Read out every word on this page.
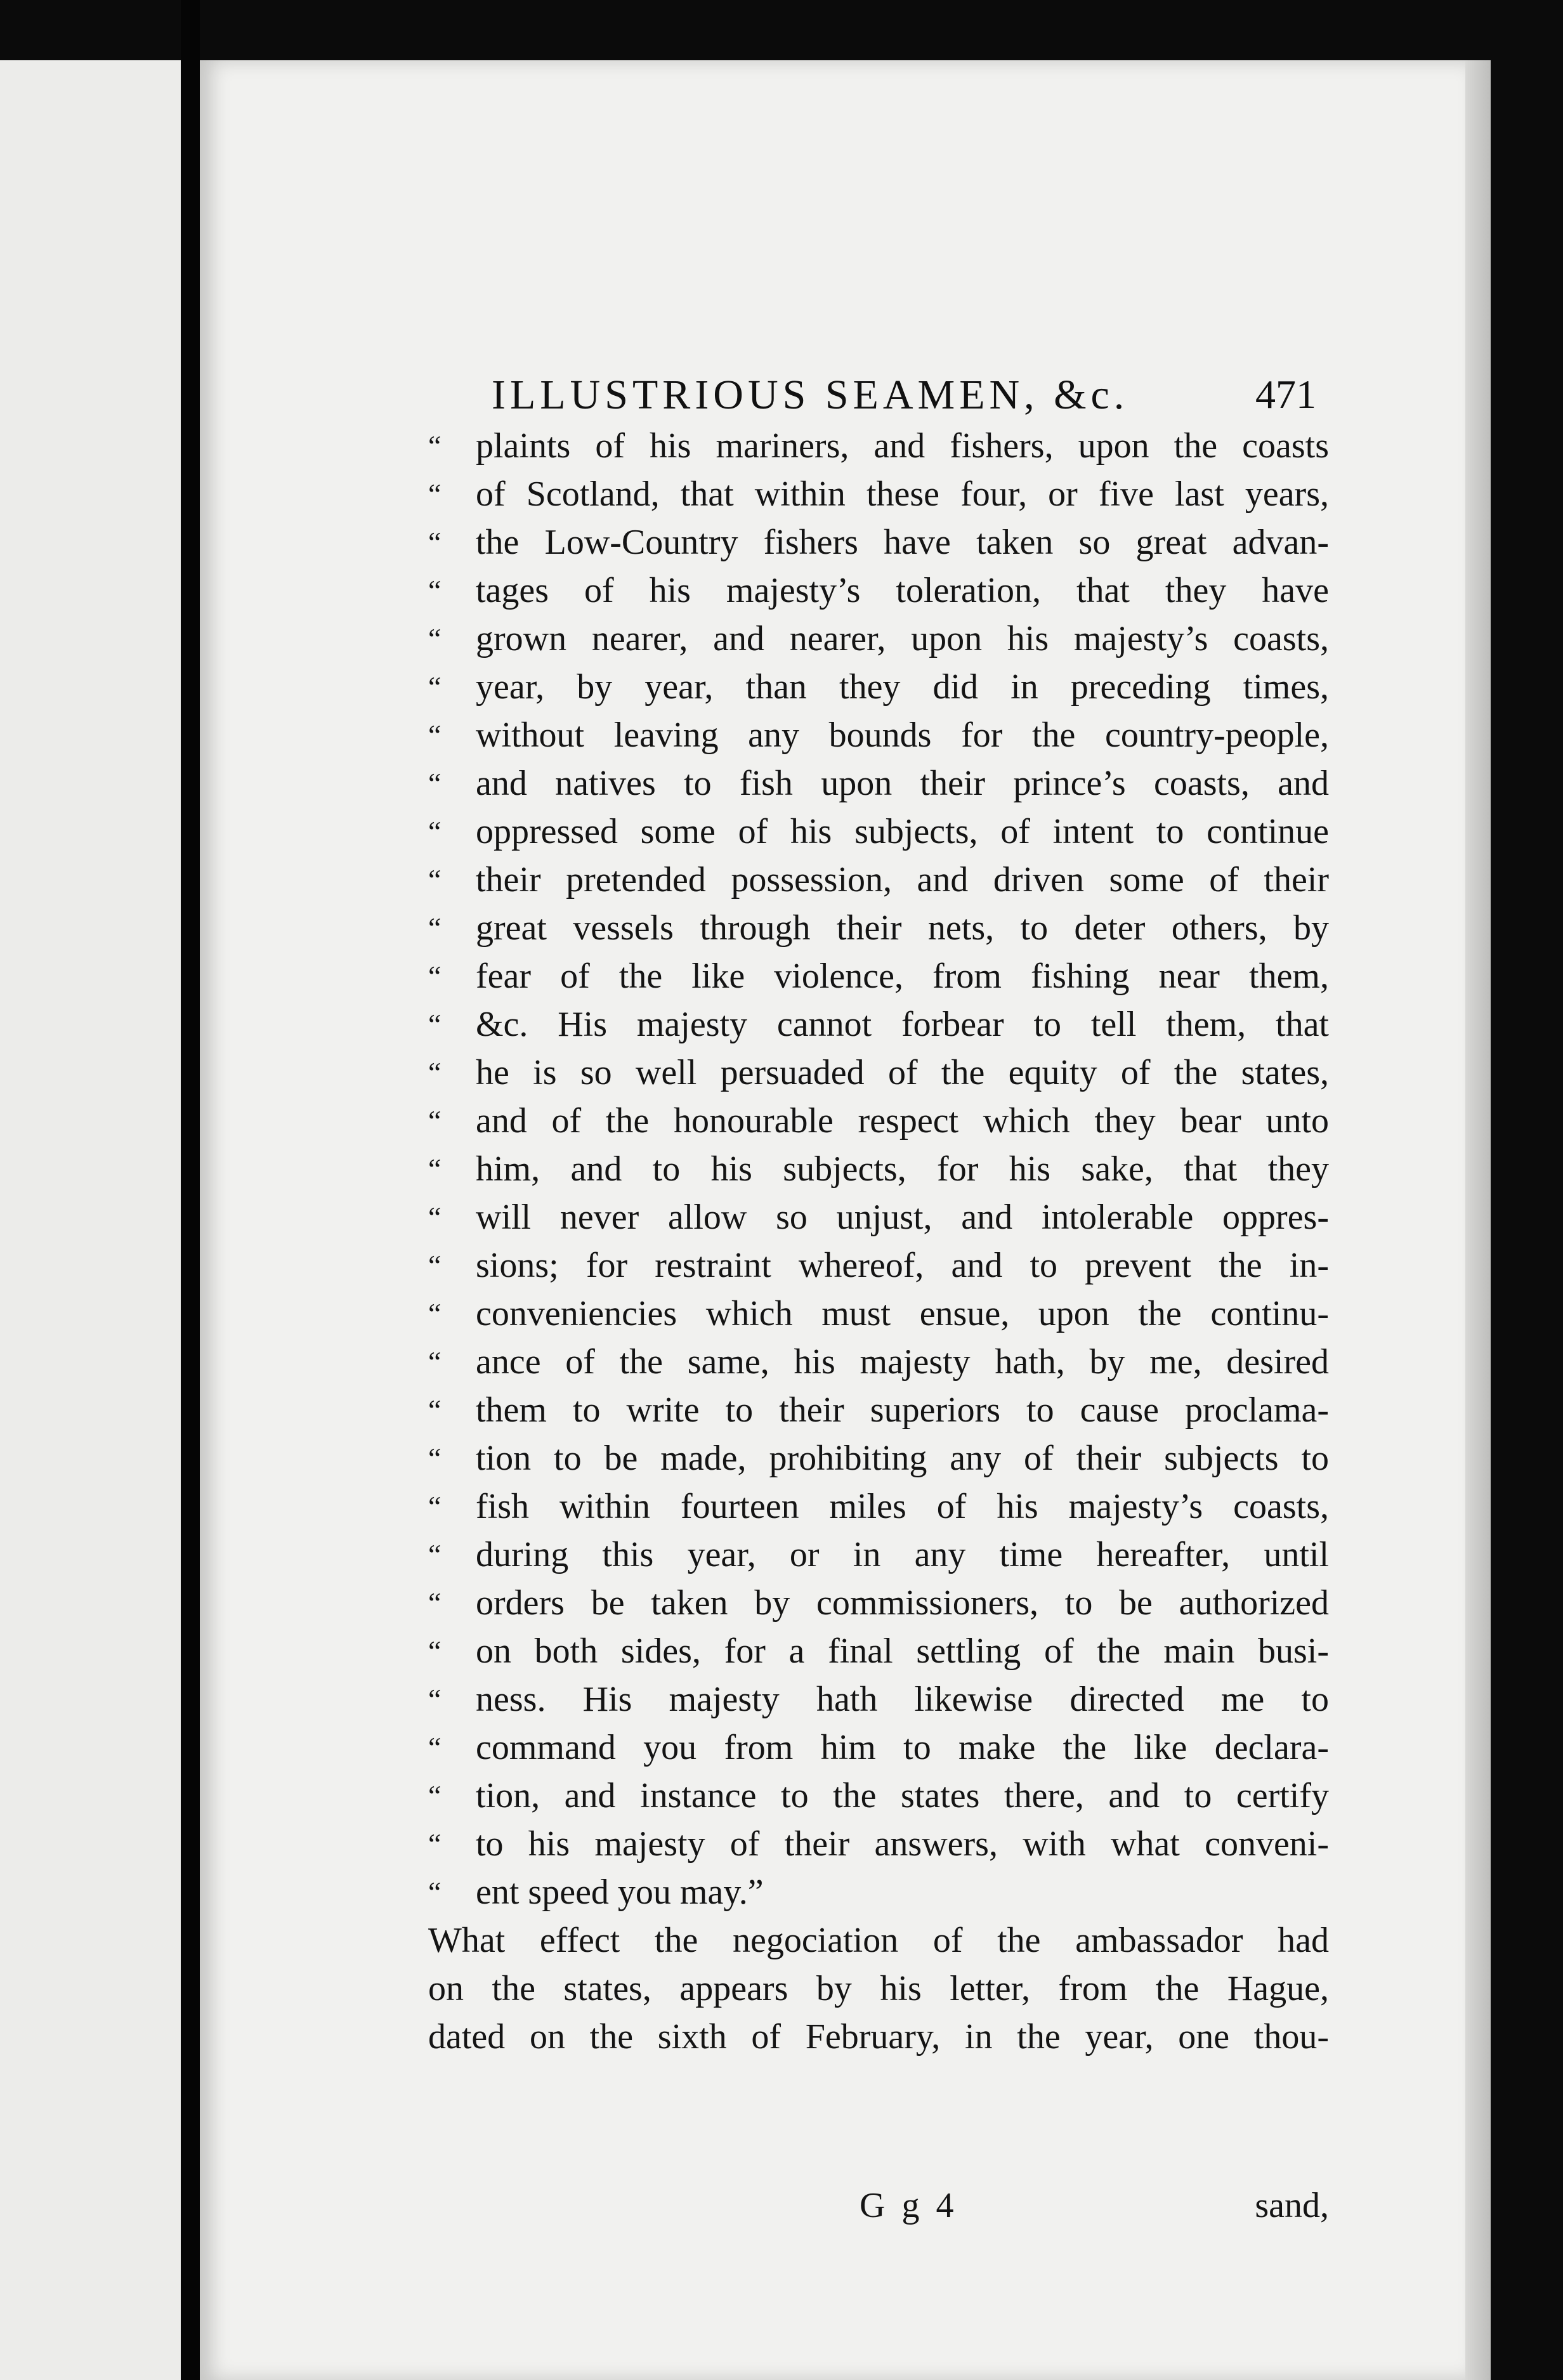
ILLUSTRIOUS SEAMEN, &c.	471
“ plaints of his mariners, and fishers, upon the coasts
“ of Scotland, that within these four, or five last years,
“ the Low-Country fishers have taken so great advan-
“ tages of his majesty’s toleration, that they have
“ grown nearer, and nearer, upon his majesty’s coasts,
“ year, by year, than they did in preceding times,
“ without leaving any bounds for the country-people,
“ and natives to fish upon their prince’s coasts, and
“ oppressed some of his subjects, of intent to continue
“ their pretended possession, and driven some of their
“ great vessels through their nets, to deter others, by
“ fear of the like violence, from fishing near them,
“ &c. His majesty cannot forbear to tell them, that
“ he is so well persuaded of the equity of the states,
“ and of the honourable respect which they bear unto
“ him, and to his subjects, for his sake, that they
“ will never allow so unjust, and intolerable oppres-
“ sions; for restraint whereof, and to prevent the in-
“ conveniencies which must ensue, upon the continu-
“ ance of the same, his majesty hath, by me, desired
“ them to write to their superiors to cause proclama-
“ tion to be made, prohibiting any of their subjects to
“ fish within fourteen miles of his majesty’s coasts,
“ during this year, or in any time hereafter, until
“ orders be taken by commissioners, to be authorized
“ on both sides, for a final settling of the main busi-
“ ness. His majesty hath likewise directed me to
“ command you from him to make the like declara-
“ tion, and instance to the states there, and to certify
“ to his majesty of their answers, with what conveni-
“ ent speed you may.”
What effect the negociation of the ambassador had
on the states, appears by his letter, from the Hague,
dated on the sixth of February, in the year, one thou-
G g 4	sand,
